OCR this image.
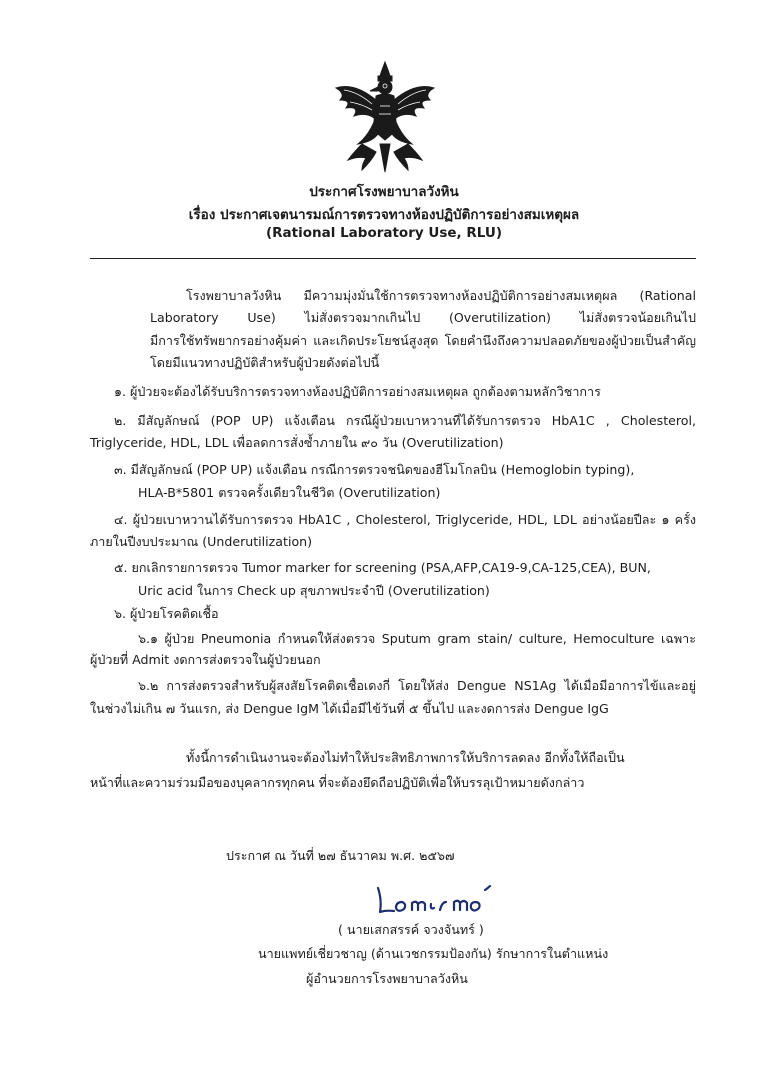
ประกาศโรงพยาบาลวังหิน
เรื่อง ประกาศเจตนารมณ์การตรวจทางห้องปฏิบัติการอย่างสมเหตุผล
(Rational Laboratory Use, RLU)
โรงพยาบาลวังหิน มีความมุ่งมั่นใช้การตรวจทางห้องปฏิบัติการอย่างสมเหตุผล (Rational
Laboratory Use) ไม่สั่งตรวจมากเกินไป (Overutilization) ไม่สั่งตรวจน้อยเกินไป
มีการใช้ทรัพยากรอย่างคุ้มค่า และเกิดประโยชน์สูงสุด โดยคำนึงถึงความปลอดภัยของผู้ป่วยเป็นสำคัญ
โดยมีแนวทางปฏิบัติสำหรับผู้ป่วยดังต่อไปนี้
๑. ผู้ป่วยจะต้องได้รับบริการตรวจทางห้องปฏิบัติการอย่างสมเหตุผล ถูกต้องตามหลักวิชาการ
๒. มีสัญลักษณ์ (POP UP) แจ้งเตือน กรณีผู้ป่วยเบาหวานที่ได้รับการตรวจ HbA1C , Cholesterol,
Triglyceride, HDL, LDL เพื่อลดการสั่งซ้ำภายใน ๙๐ วัน (Overutilization)
๓. มีสัญลักษณ์ (POP UP) แจ้งเตือน กรณีการตรวจชนิดของฮีโมโกลบิน (Hemoglobin typing),
HLA-B*5801 ตรวจครั้งเดียวในชีวิต (Overutilization)
๔. ผู้ป่วยเบาหวานได้รับการตรวจ HbA1C , Cholesterol, Triglyceride, HDL, LDL อย่างน้อยปีละ ๑ ครั้ง
ภายในปีงบประมาณ (Underutilization)
๕. ยกเลิกรายการตรวจ Tumor marker for screening (PSA,AFP,CA19-9,CA-125,CEA), BUN,
Uric acid ในการ Check up สุขภาพประจำปี (Overutilization)
๖. ผู้ป่วยโรคติดเชื้อ
๖.๑ ผู้ป่วย Pneumonia กำหนดให้ส่งตรวจ Sputum gram stain/ culture, Hemoculture เฉพาะ
ผู้ป่วยที่ Admit งดการส่งตรวจในผู้ป่วยนอก
๖.๒ การส่งตรวจสำหรับผู้สงสัยโรคติดเชื้อเดงกี่ โดยให้ส่ง Dengue NS1Ag ได้เมื่อมีอาการไข้และอยู่
ในช่วงไม่เกิน ๗ วันแรก, ส่ง Dengue IgM ได้เมื่อมีไข้วันที่ ๕ ขึ้นไป และงดการส่ง Dengue IgG
ทั้งนี้การดำเนินงานจะต้องไม่ทำให้ประสิทธิภาพการให้บริการลดลง อีกทั้งให้ถือเป็น
หน้าที่และความร่วมมือของบุคลากรทุกคน ที่จะต้องยึดถือปฏิบัติเพื่อให้บรรลุเป้าหมายดังกล่าว
ประกาศ ณ วันที่ ๒๗ ธันวาคม พ.ศ. ๒๕๖๗
( นายเสกสรรค์ จวงจันทร์ )
นายแพทย์เชี่ยวชาญ (ด้านเวชกรรมป้องกัน) รักษาการในตำแหน่ง
ผู้อำนวยการโรงพยาบาลวังหิน
